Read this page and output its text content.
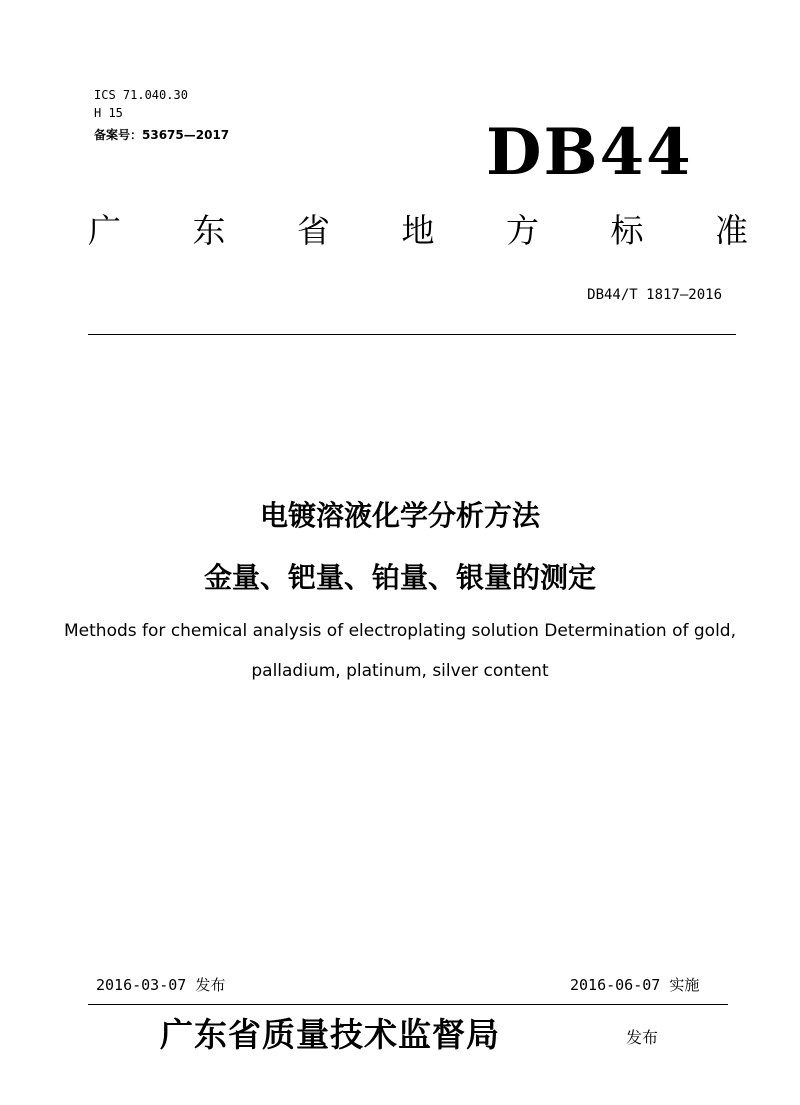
ICS 71.040.30
H 15
备案号：53675—2017	DB44
广 东 省 地 方 标 准
DB44/T 1817—2016
电镀溶液化学分析方法
金量、钯量、铂量、银量的测定
Methods for chemical analysis of electroplating solution Determination of gold,
palladium, platinum, silver content
2016-03-07 发布	2016-06-07 实施
广东省质量技术监督局	发布
